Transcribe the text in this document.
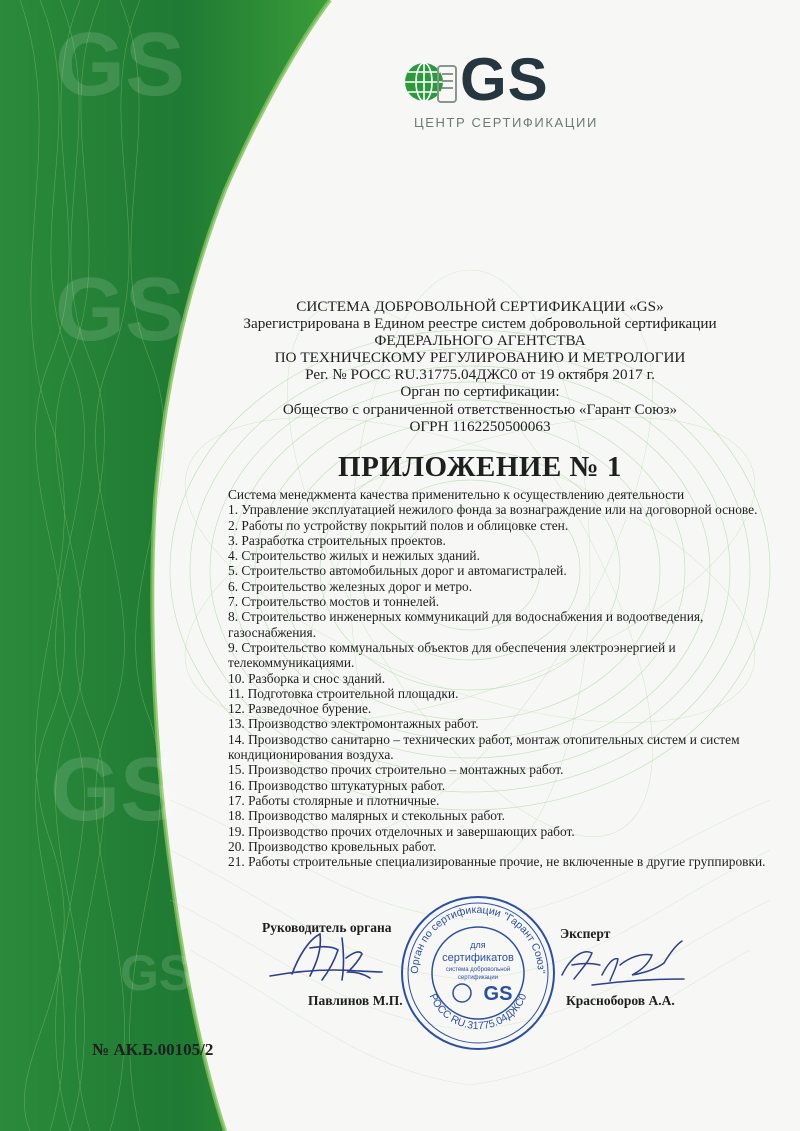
GS
GS
GS
GS
GS
ЦЕНТР СЕРТИФИКАЦИИ
СИСТЕМА ДОБРОВОЛЬНОЙ СЕРТИФИКАЦИИ «GS»
Зарегистрирована в Едином реестре систем добровольной сертификации
ФЕДЕРАЛЬНОГО АГЕНТСТВА
ПО ТЕХНИЧЕСКОМУ РЕГУЛИРОВАНИЮ И МЕТРОЛОГИИ
Рег. № РОСС RU.31775.04ДЖС0 от 19 октября 2017 г.
Орган по сертификации:
Общество с ограниченной ответственностью «Гарант Союз»
ОГРН 1162250500063
ПРИЛОЖЕНИЕ № 1
Система менеджмента качества применительно к осуществлению деятельности
1. Управление эксплуатацией нежилого фонда за вознаграждение или на договорной основе.
2. Работы по устройству покрытий полов и облицовке стен.
3. Разработка строительных проектов.
4. Строительство жилых и нежилых зданий.
5. Строительство автомобильных дорог и автомагистралей.
6. Строительство железных дорог и метро.
7. Строительство мостов и тоннелей.
8. Строительство инженерных коммуникаций для водоснабжения и водоотведения, газоснабжения.
9. Строительство коммунальных объектов для обеспечения электроэнергией и телекоммуникациями.
10. Разборка и снос зданий.
11. Подготовка строительной площадки.
12. Разведочное бурение.
13. Производство электромонтажных работ.
14. Производство санитарно – технических работ, монтаж отопительных систем и систем кондиционирования воздуха.
15. Производство прочих строительно – монтажных работ.
16. Производство штукатурных работ.
17. Работы столярные и плотничные.
18. Производство малярных и стекольных работ.
19. Производство прочих отделочных и завершающих работ.
20. Производство кровельных работ.
21. Работы строительные специализированные прочие, не включенные в другие группировки.
Руководитель органа	Эксперт
Павлинов М.П.	Красноборов А.А.
Орган по сертификации "Гарант Союз"
РОСС RU.31775.04ДЖС0
для
сертификатов
система добровольной
сертификации
GS
№ АК.Б.00105/2
